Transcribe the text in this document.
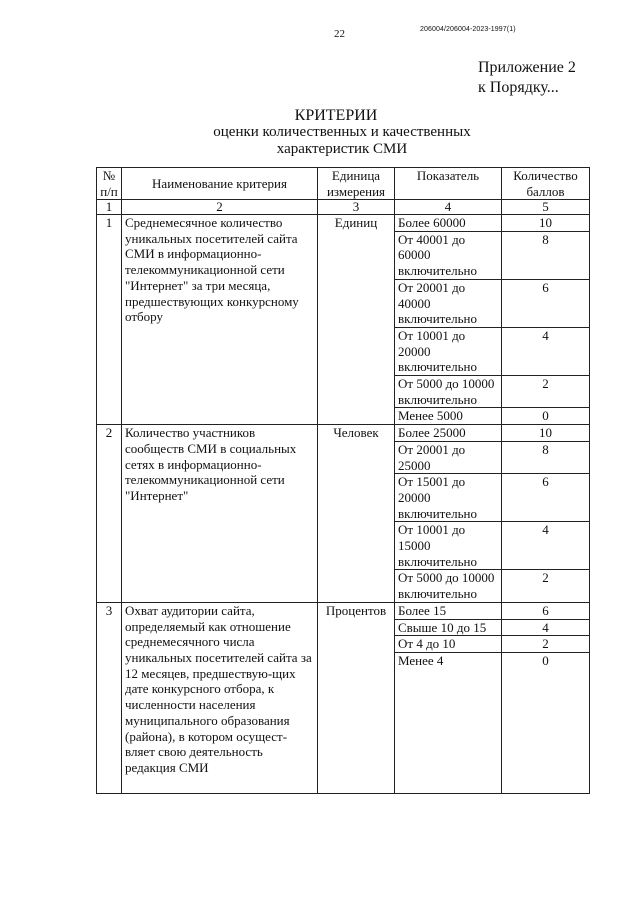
22	206004/206004-2023-1997(1)
Приложение 2
к Порядку...
КРИТЕРИИ
оценки количественных и качественных
характеристик СМИ
№ п/п	Наименование критерия	Единица измерения	Показатель	Количество баллов
1	2	3	4	5
1	Среднемесячное количество уникальных посетителей сайта СМИ в информационно-телекоммуникационной сети "Интернет" за три месяца, предшествующих конкурсному отбору	Единиц	Более 60000	10
			От 40001 до 60000 включительно	8
			От 20001 до 40000 включительно	6
			От 10001 до 20000 включительно	4
			От 5000 до 10000 включительно	2
			Менее 5000	0
2	Количество участников сообществ СМИ в социальных сетях в информационно-телекоммуникационной сети "Интернет"	Человек	Более 25000	10
			От 20001 до 25000	8
			От 15001 до 20000 включительно	6
			От 10001 до 15000 включительно	4
			От 5000 до 10000 включительно	2
3	Охват аудитории сайта, определяемый как отношение среднемесячного числа уникальных посетителей сайта за 12 месяцев, предшествую-щих дате конкурсного отбора, к численности населения муниципального образования (района), в котором осущест-вляет свою деятельность редакция СМИ	Процентов	Более 15	6
			Свыше 10 до 15	4
			От 4 до 10	2
			Менее 4	0
